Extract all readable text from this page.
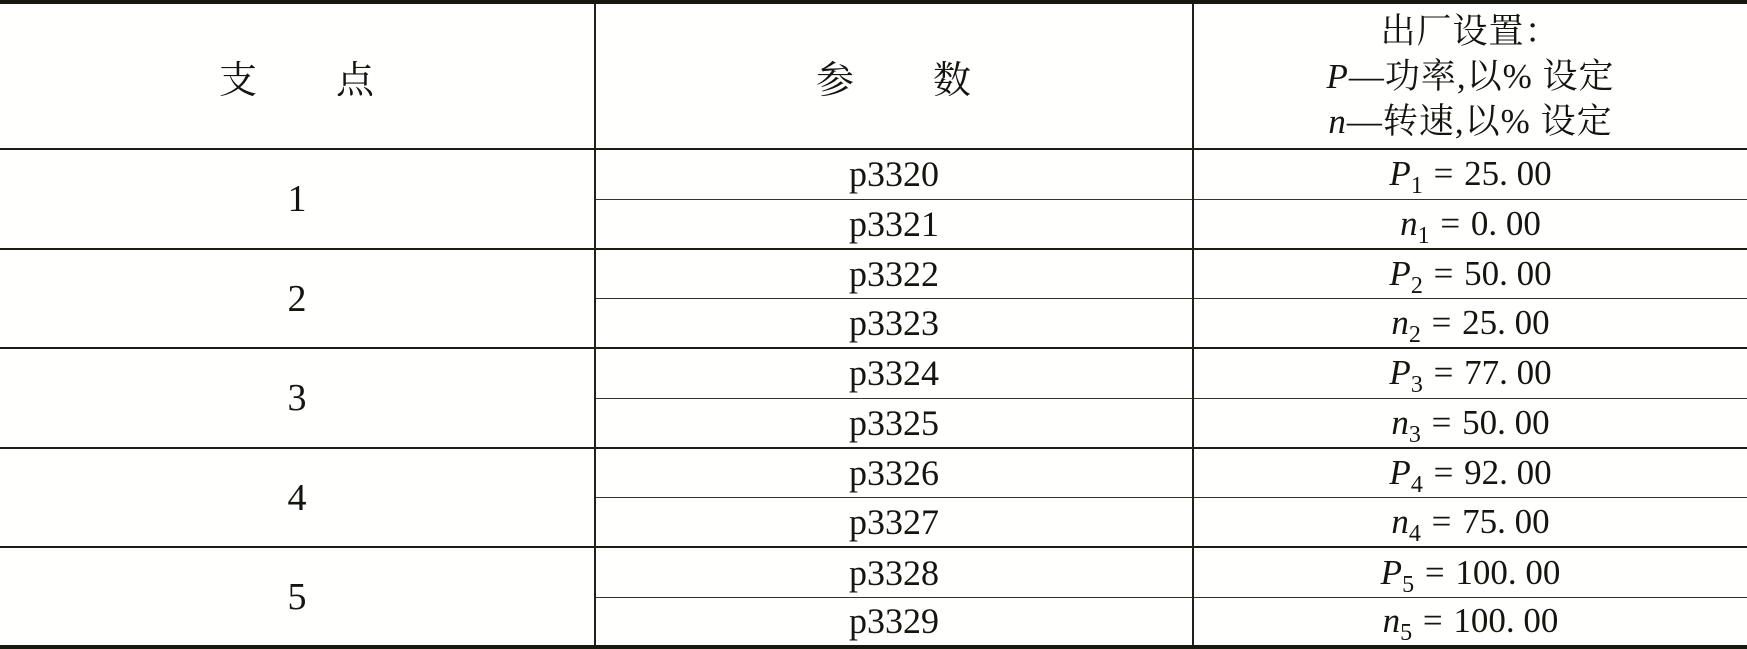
支　　点	参　　数	出厂设置：
P—功率,以% 设定
n—转速,以% 设定

1	p3320	$P_1 = 25$. 00
	p3321	$n_1 = 0$. 00
2	p3322	$P_2 = 50$. 00
	p3323	$n_2 = 25$. 00
3	p3324	$P_3 = 77$. 00
	p3325	$n_3 = 50$. 00
4	p3326	$P_4 = 92$. 00
	p3327	$n_4 = 75$. 00
5	p3328	$P_5 = 100$. 00
	p3329	$n_5 = 100$. 00
